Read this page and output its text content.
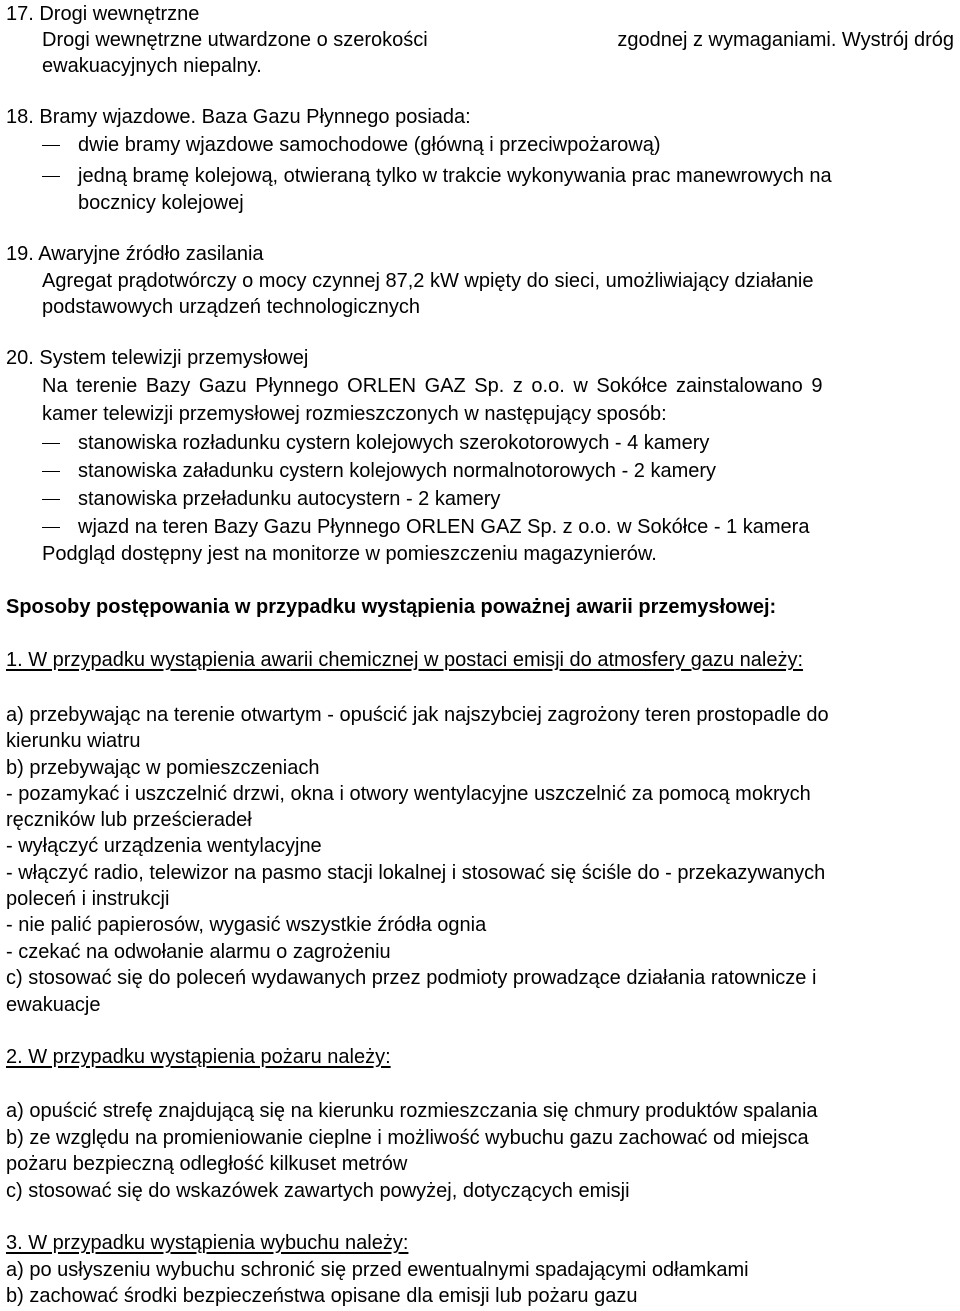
17. Drogi wewnętrzne
Drogi wewnętrzne utwardzone o szerokości	zgodnej z wymaganiami. Wystrój dróg
ewakuacyjnych niepalny.
18. Bramy wjazdowe. Baza Gazu Płynnego posiada:
dwie bramy wjazdowe samochodowe (główną i przeciwpożarową)
jedną bramę kolejową, otwieraną tylko w trakcie wykonywania prac manewrowych na
bocznicy kolejowej
19. Awaryjne źródło zasilania
Agregat prądotwórczy o mocy czynnej 87,2 kW wpięty do sieci, umożliwiający działanie
podstawowych urządzeń technologicznych
20. System telewizji przemysłowej
Na terenie Bazy Gazu Płynnego ORLEN GAZ Sp. z o.o. w Sokółce zainstalowano 9
kamer telewizji przemysłowej rozmieszczonych w następujący sposób:
stanowiska rozładunku cystern kolejowych szerokotorowych - 4 kamery
stanowiska załadunku cystern kolejowych normalnotorowych - 2 kamery
stanowiska przeładunku autocystern - 2 kamery
wjazd na teren Bazy Gazu Płynnego ORLEN GAZ Sp. z o.o. w Sokółce - 1 kamera
Podgląd dostępny jest na monitorze w pomieszczeniu magazynierów.
Sposoby postępowania w przypadku wystąpienia poważnej awarii przemysłowej:
1. W przypadku wystąpienia awarii chemicznej w postaci emisji do atmosfery gazu należy:
a) przebywając na terenie otwartym - opuścić jak najszybciej zagrożony teren prostopadle do
kierunku wiatru
b) przebywając w pomieszczeniach
- pozamykać i uszczelnić drzwi, okna i otwory wentylacyjne uszczelnić za pomocą mokrych
ręczników lub prześcieradeł
- wyłączyć urządzenia wentylacyjne
- włączyć radio, telewizor na pasmo stacji lokalnej i stosować się ściśle do - przekazywanych
poleceń i instrukcji
- nie palić papierosów, wygasić wszystkie źródła ognia
- czekać na odwołanie alarmu o zagrożeniu
c) stosować się do poleceń wydawanych przez podmioty prowadzące działania ratownicze i
ewakuacje
2. W przypadku wystąpienia pożaru należy:
a) opuścić strefę znajdującą się na kierunku rozmieszczania się chmury produktów spalania
b) ze względu na promieniowanie cieplne i możliwość wybuchu gazu zachować od miejsca
pożaru bezpieczną odległość kilkuset metrów
c) stosować się do wskazówek zawartych powyżej, dotyczących emisji
3. W przypadku wystąpienia wybuchu należy:
a) po usłyszeniu wybuchu schronić się przed ewentualnymi spadającymi odłamkami
b) zachować środki bezpieczeństwa opisane dla emisji lub pożaru gazu
